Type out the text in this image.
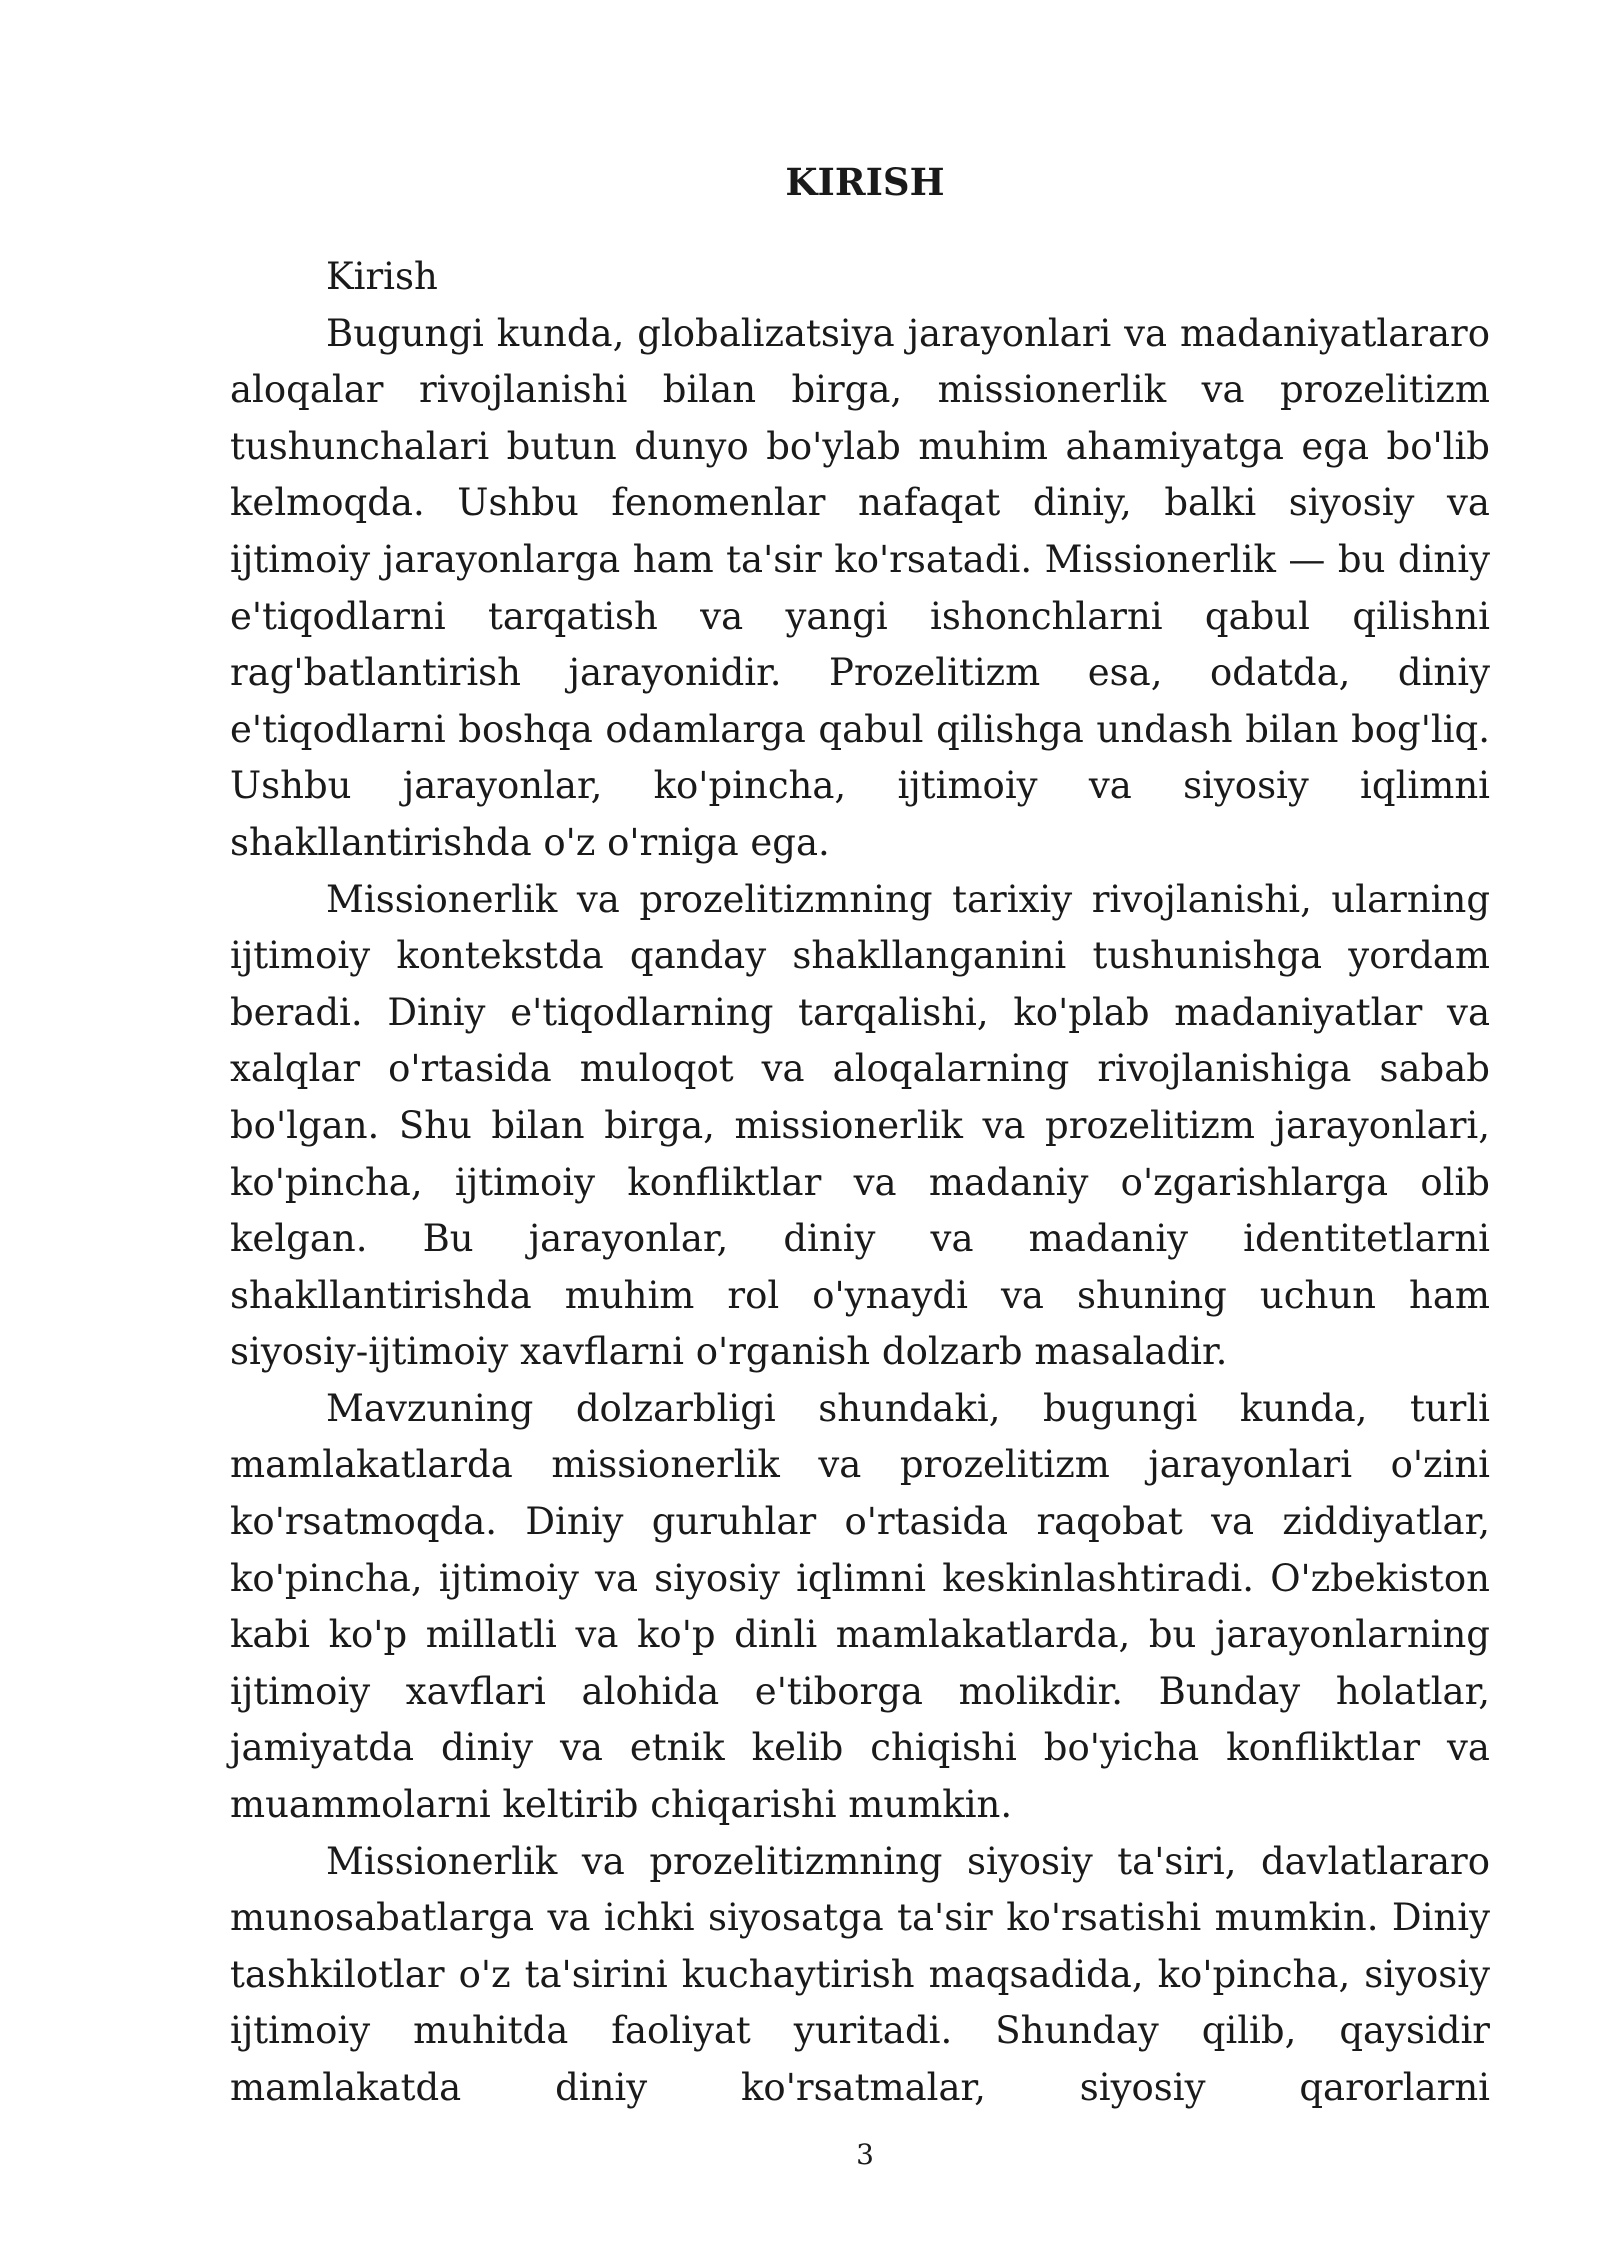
KIRISH

Kirish

Bugungi kunda, globalizatsiya jarayonlari va madaniyatlararo aloqalar rivojlanishi bilan birga, missionerlik va prozelitizm tushunchalari butun dunyo bo'ylab muhim ahamiyatga ega bo'lib kelmoqda. Ushbu fenomenlar nafaqat diniy, balki siyosiy va ijtimoiy jarayonlarga ham ta'sir ko'rsatadi. Missionerlik — bu diniy e'tiqodlarni tarqatish va yangi ishonchlarni qabul qilishni rag'batlantirish jarayonidir. Prozelitizm esa, odatda, diniy e'tiqodlarni boshqa odamlarga qabul qilishga undash bilan bog'liq. Ushbu jarayonlar, ko'pincha, ijtimoiy va siyosiy iqlimni shakllantirishda o'z o'rniga ega.

Missionerlik va prozelitizmning tarixiy rivojlanishi, ularning ijtimoiy kontekstda qanday shakllanganini tushunishga yordam beradi. Diniy e'tiqodlarning tarqalishi, ko'plab madaniyatlar va xalqlar o'rtasida muloqot va aloqalarning rivojlanishiga sabab bo'lgan. Shu bilan birga, missionerlik va prozelitizm jarayonlari, ko'pincha, ijtimoiy konfliktlar va madaniy o'zgarishlarga olib kelgan. Bu jarayonlar, diniy va madaniy identitetlarni shakllantirishda muhim rol o'ynaydi va shuning uchun ham siyosiy-ijtimoiy xavflarni o'rganish dolzarb masaladir.

Mavzuning dolzarbligi shundaki, bugungi kunda, turli mamlakatlarda missionerlik va prozelitizm jarayonlari o'zini ko'rsatmoqda. Diniy guruhlar o'rtasida raqobat va ziddiyatlar, ko'pincha, ijtimoiy va siyosiy iqlimni keskinlashtiradi. O'zbekiston kabi ko'p millatli va ko'p dinli mamlakatlarda, bu jarayonlarning ijtimoiy xavflari alohida e'tiborga molikdir. Bunday holatlar, jamiyatda diniy va etnik kelib chiqishi bo'yicha konfliktlar va muammolarni keltirib chiqarishi mumkin.

Missionerlik va prozelitizmning siyosiy ta'siri, davlatlararo munosabatlarga va ichki siyosatga ta'sir ko'rsatishi mumkin. Diniy tashkilotlar o'z ta'sirini kuchaytirish maqsadida, ko'pincha, siyosiy ijtimoiy muhitda faoliyat yuritadi. Shunday qilib, qaysidir mamlakatda diniy ko'rsatmalar, siyosiy qarorlarni

3
